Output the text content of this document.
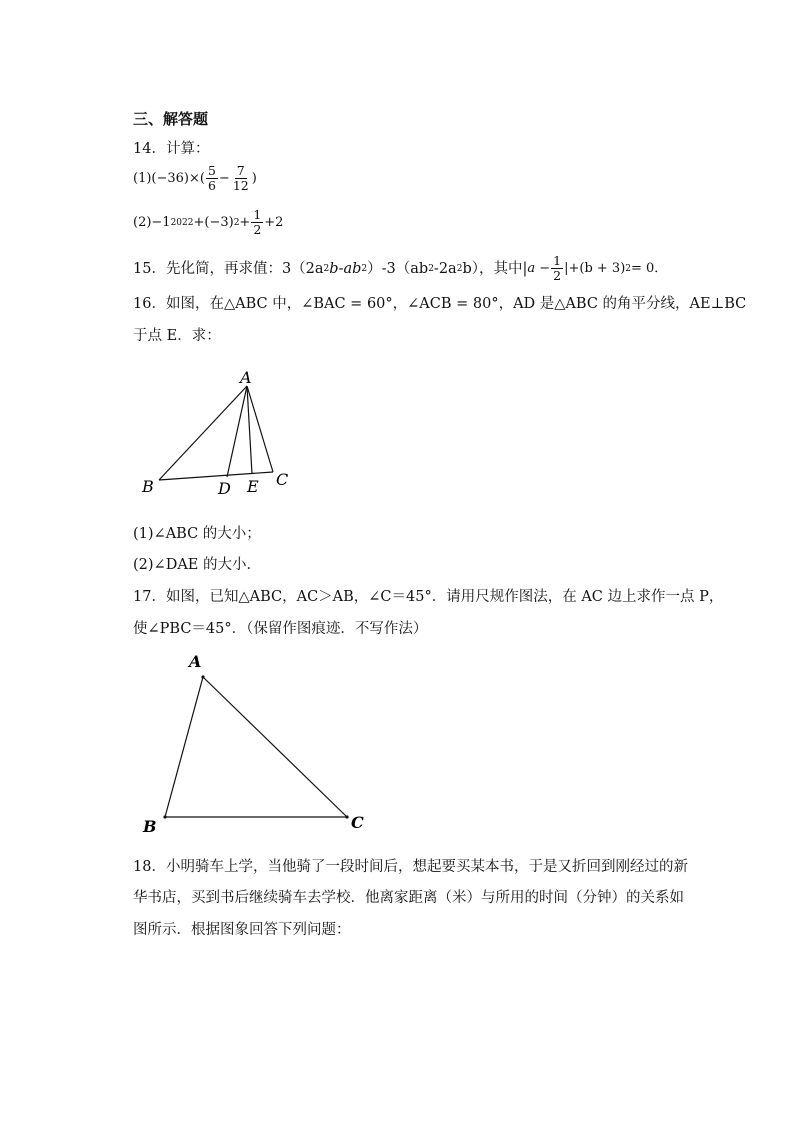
三、解答题
14．计算：
$(1)(-36)\times( \frac{5}{6} - \frac{7}{12}$ )
(2)−1 2022 +(−3) $2 + \frac{1}{2} +2$
15．先化简，再求值：3（2a 2 b-ab 2 ）-3（ab 2 -2a 2 b），其中| $a - \frac{1}{2} |+(b + 3) 2 = 0$．
16．如图，在△ABC 中，∠BAC = 60°，∠ACB = 80°，AD 是△ABC 的角平分线，AE⊥BC
于点 E．求：
A
B	C
D E
(1)∠ABC 的大小；
(2)∠DAE 的大小．
17．如图，已知△ABC，AC＞AB，∠C＝45°．请用尺规作图法，在 AC 边上求作一点 P，
使∠PBC＝45°．（保留作图痕迹．不写作法）
A
B	C
18．小明骑车上学，当他骑了一段时间后，想起要买某本书，于是又折回到刚经过的新
华书店，买到书后继续骑车去学校．他离家距离（米）与所用的时间（分钟）的关系如
图所示．根据图象回答下列问题：
